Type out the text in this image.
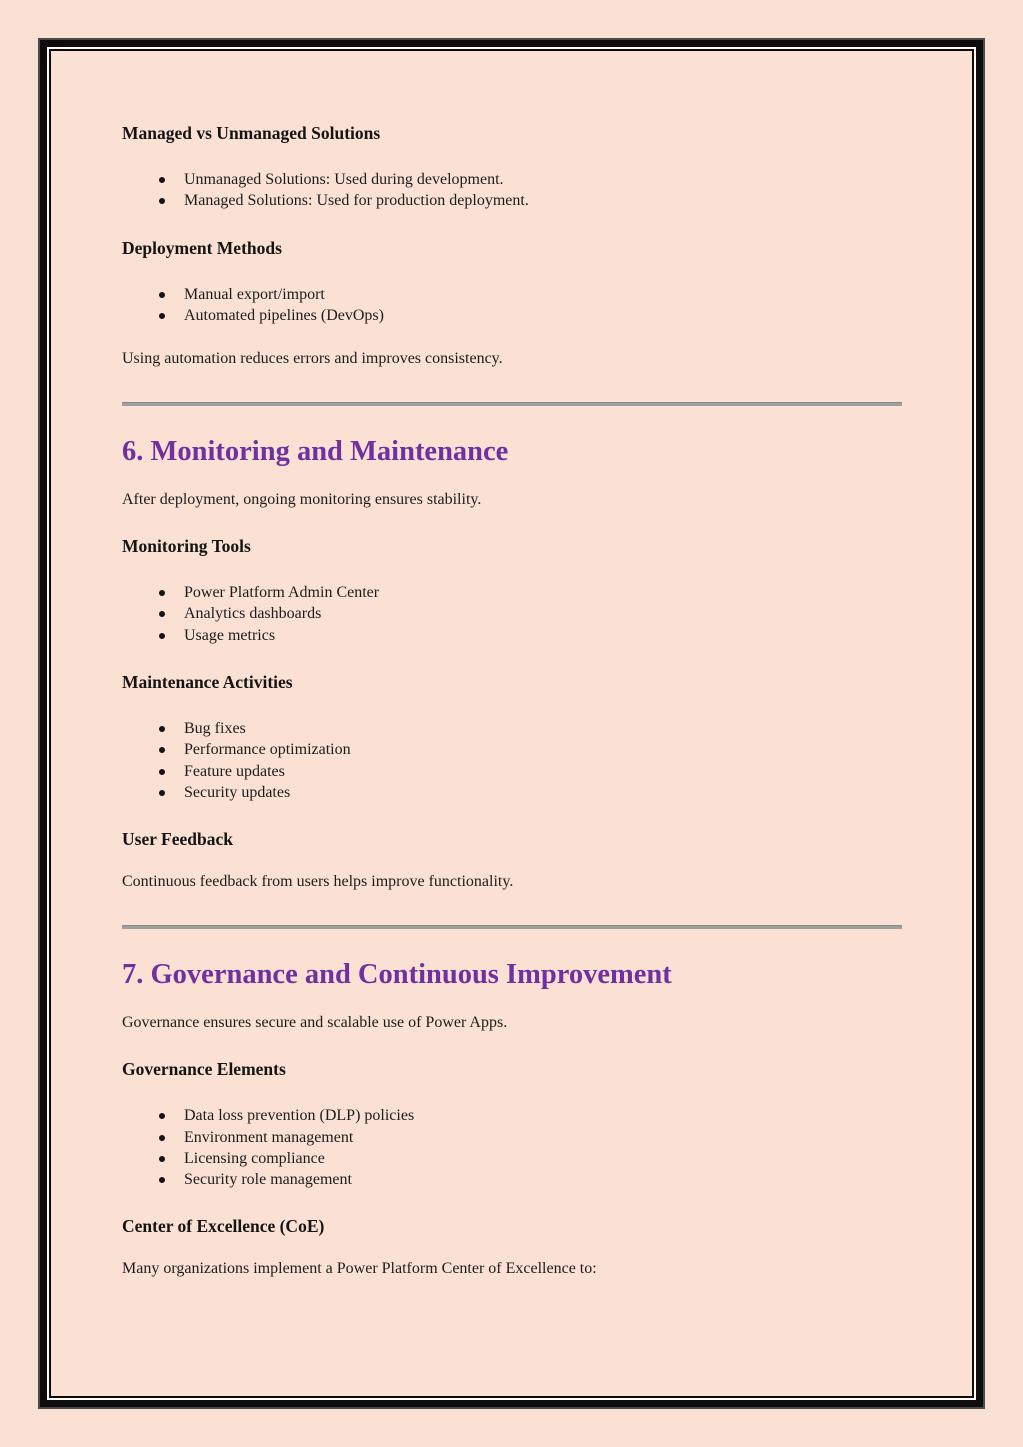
Managed vs Unmanaged Solutions
Unmanaged Solutions: Used during development.
Managed Solutions: Used for production deployment.
Deployment Methods
Manual export/import
Automated pipelines (DevOps)

Using automation reduces errors and improves consistency.

6. Monitoring and Maintenance

After deployment, ongoing monitoring ensures stability.

Monitoring Tools
Power Platform Admin Center
Analytics dashboards
Usage metrics
Maintenance Activities
Bug fixes
Performance optimization
Feature updates
Security updates
User Feedback

Continuous feedback from users helps improve functionality.

7. Governance and Continuous Improvement

Governance ensures secure and scalable use of Power Apps.

Governance Elements
Data loss prevention (DLP) policies
Environment management
Licensing compliance
Security role management
Center of Excellence (CoE)

Many organizations implement a Power Platform Center of Excellence to:
